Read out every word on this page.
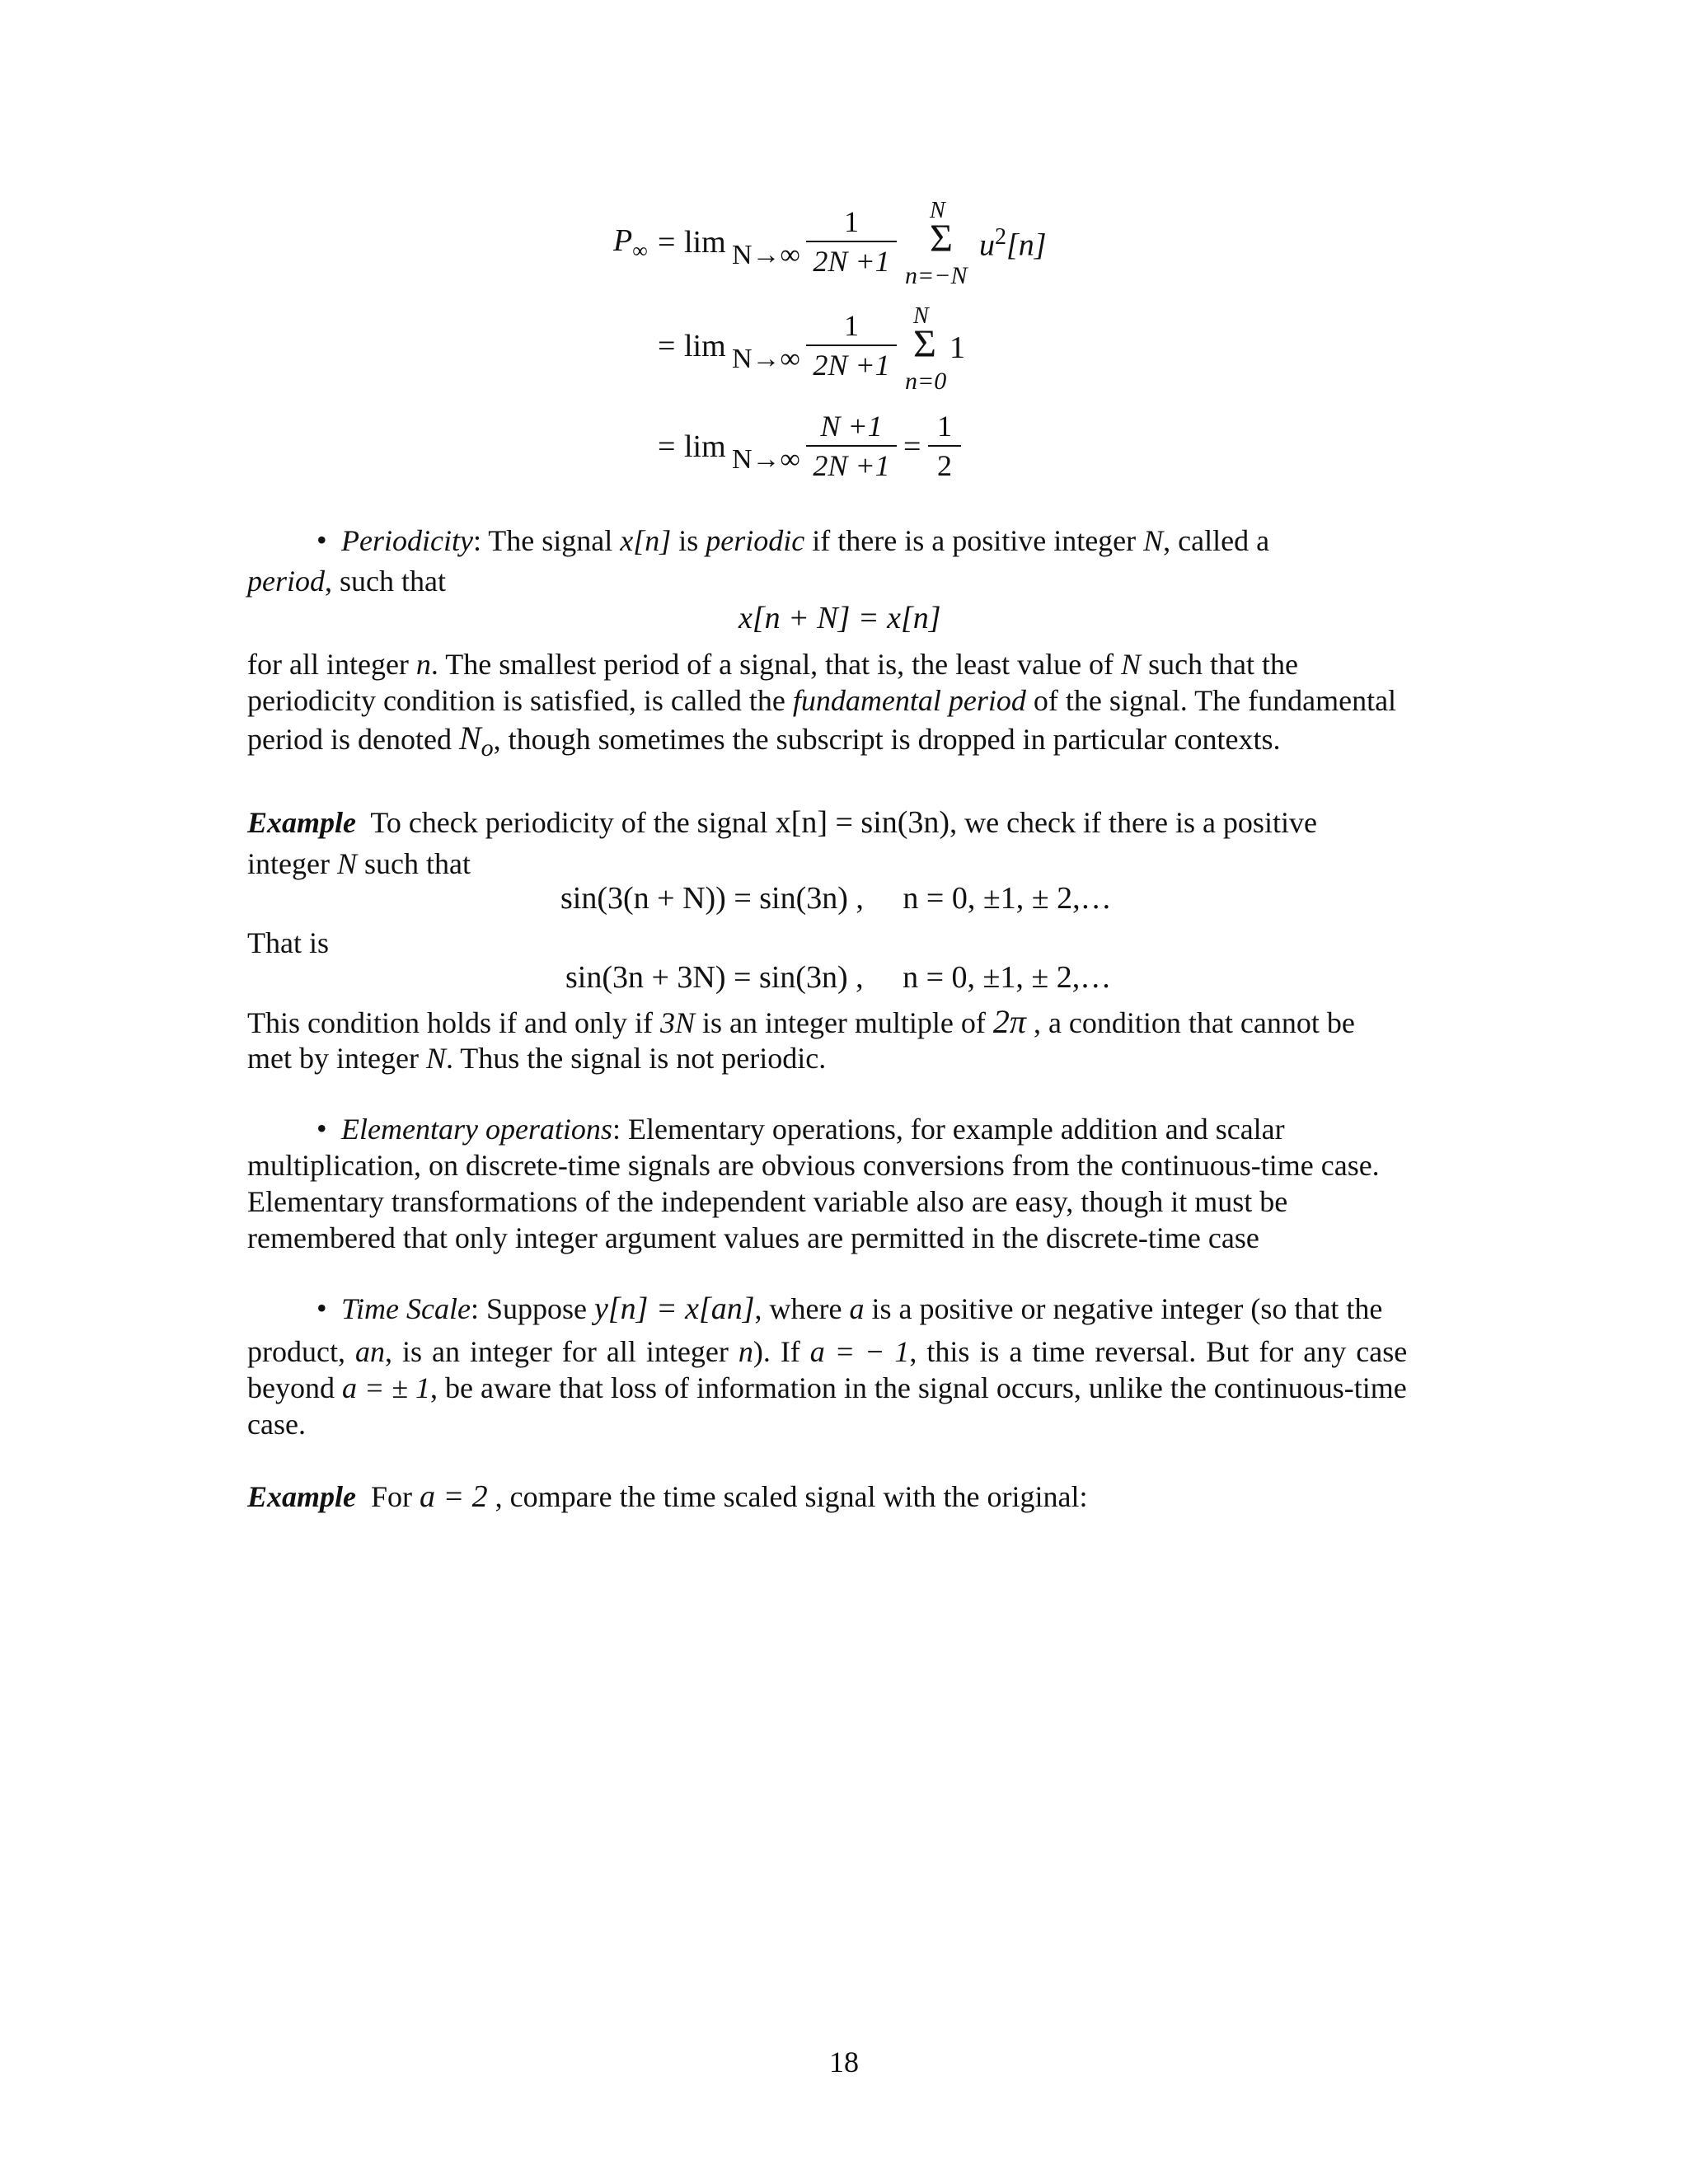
$P_\infty = \lim N\to\infty \frac{1}{2N +1}$ N
Σ
n=−N
$u^2[n]$
= $\lim N\to\infty \frac{1}{2N +1}$ N
Σ
n=0
1
= $\lim N\to\infty \frac{N +1}{2N +1} = \frac{1}{2}$
• Periodicity: The signal x[n] is periodic if there is a positive integer N, called a
period, such that
x[n + N] = x[n]
for all integer n. The smallest period of a signal, that is, the least value of N such that the
periodicity condition is satisfied, is called the fundamental period of the signal. The fundamental
period is denoted $N_o$, though sometimes the subscript is dropped in particular contexts.
Example  To check periodicity of the signal x[n] = sin(3n), we check if there is a positive
integer N such that
sin(3(n + N)) = sin(3n) ,     n = 0, ±1, ± 2,…
That is
sin(3n + 3N) = sin(3n) ,     n = 0, ±1, ± 2,…
This condition holds if and only if 3N is an integer multiple of 2π , a condition that cannot be
met by integer N. Thus the signal is not periodic.
• Elementary operations: Elementary operations, for example addition and scalar
multiplication, on discrete-time signals are obvious conversions from the continuous-time case.
Elementary transformations of the independent variable also are easy, though it must be
remembered that only integer argument values are permitted in the discrete-time case
• Time Scale: Suppose y[n] = x[an], where a is a positive or negative integer (so that the
product, an, is an integer for all integer n). If a = − 1, this is a time reversal. But for any case
beyond a = ± 1, be aware that loss of information in the signal occurs, unlike the continuous-time
case.
Example  For a = 2 , compare the time scaled signal with the original:
18
